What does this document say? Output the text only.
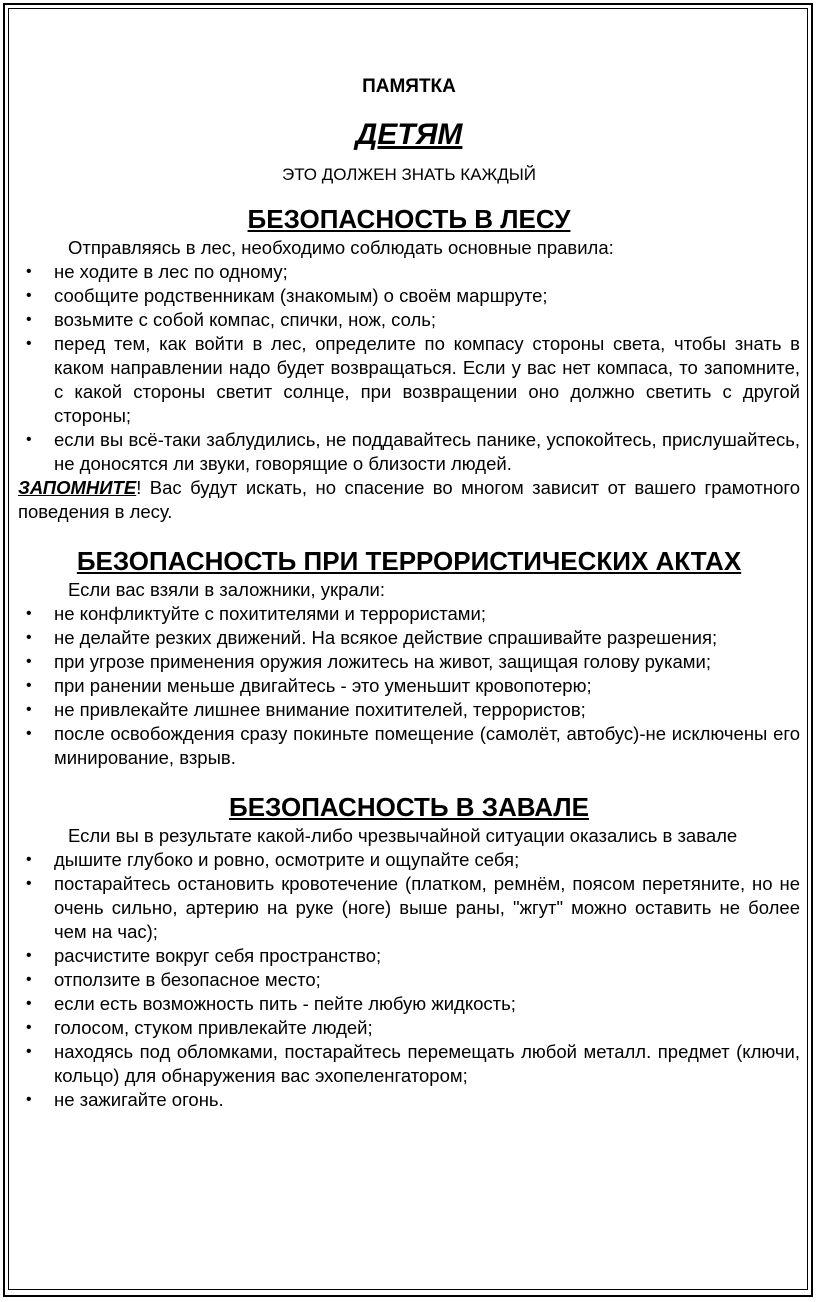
ПАМЯТКА

ДЕТЯМ

ЭТО ДОЛЖЕН ЗНАТЬ КАЖДЫЙ

БЕЗОПАСНОСТЬ В ЛЕСУ

Отправляясь в лес, необходимо соблюдать основные правила:

• не ходите в лес по одному;
• сообщите родственникам (знакомым) о своём маршруте;
• возьмите с собой компас, спички, нож, соль;
• перед тем, как войти в лес, определите по компасу стороны света, чтобы знать в каком направлении надо будет возвращаться. Если у вас нет компаса, то запомните, с какой стороны светит солнце, при возвращении оно должно светить с другой стороны;
• если вы всё-таки заблудились, не поддавайтесь панике, успокойтесь, прислушайтесь, не доносятся ли звуки, говорящие о близости людей.

ЗАПОМНИТЕ! Вас будут искать, но спасение во многом зависит от вашего грамотного поведения в лесу.

БЕЗОПАСНОСТЬ ПРИ ТЕРРОРИСТИЧЕСКИХ АКТАХ

Если вас взяли в заложники, украли:

• не конфликтуйте с похитителями и террористами;
• не делайте резких движений. На всякое действие спрашивайте разрешения;
• при угрозе применения оружия ложитесь на живот, защищая голову руками;
• при ранении меньше двигайтесь - это уменьшит кровопотерю;
• не привлекайте лишнее внимание похитителей, террористов;
• после освобождения сразу покиньте помещение (самолёт, автобус)-не исключены его минирование, взрыв.
БЕЗОПАСНОСТЬ В ЗАВАЛЕ

Если вы в результате какой-либо чрезвычайной ситуации оказались в завале

• дышите глубоко и ровно, осмотрите и ощупайте себя;
• постарайтесь остановить кровотечение (платком, ремнём, поясом перетяните, но не очень сильно, артерию на руке (ноге) выше раны, "жгут" можно оставить не более чем на час);
• расчистите вокруг себя пространство;
• отползите в безопасное место;
• если есть возможность пить - пейте любую жидкость;
• голосом, стуком привлекайте людей;
• находясь под обломками, постарайтесь перемещать любой металл. предмет (ключи, кольцо) для обнаружения вас эхопеленгатором;
• не зажигайте огонь.
